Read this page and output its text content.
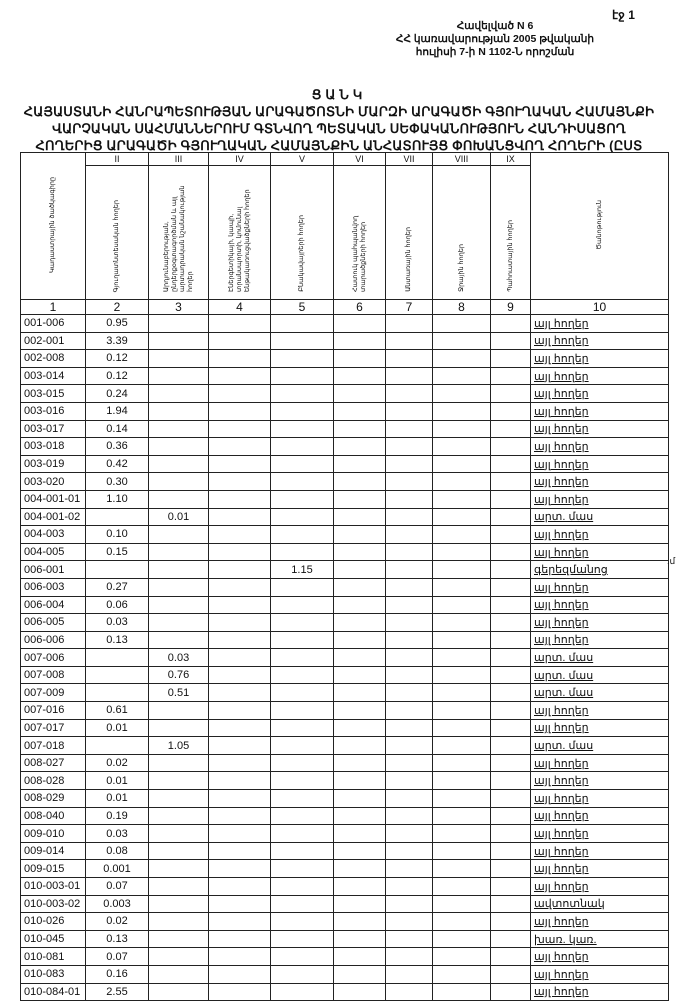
էջ 1
Հավելված N 6
ՀՀ կառավարության 2005 թվականի
հուլիսի 7-ի N 1102-Ն որոշման
ՑԱՆԿ
ՀԱՅԱՍՏԱՆԻ ՀԱՆՐԱՊԵՏՈՒԹՅԱՆ ԱՐԱԳԱԾՈՏՆԻ ՄԱՐԶԻ ԱՐԱԳԱԾԻ ԳՅՈՒՂԱԿԱՆ ՀԱՄԱՅՆՔԻ
ՎԱՐՉԱԿԱՆ ՍԱՀՄԱՆՆԵՐՈՒՄ ԳՏՆՎՈՂ ՊԵՏԱԿԱՆ ՍԵՓԱԿԱՆՈՒԹՅՈՒՆ ՀԱՆԴԻՍԱՑՈՂ
ՀՈՂԵՐԻՑ ԱՐԱԳԱԾԻ ԳՅՈՒՂԱԿԱՆ ՀԱՄԱՅՆՔԻՆ ԱՆՀԱՏՈՒՅՑ ՓՈԽԱՆՑՎՈՂ ՀՈՂԵՐԻ (ԸՍՏ
Կադաստրային ծածկագիրը	II	III	IV	V	VI	VII	VIII	IX	Ծանոթություն
	Գյուղատնտեսական հողեր	Արդյունաբերության, ընդերքօգտագործման և այլ արտադրական նշանակության հողեր	Էներգետիկայի, կապի, տրանսպորտի, կոմունալ ենթակառուցվածքների հողեր	Բնակավայրերի հողեր	Հատուկ պահպանվող տարածքների հողեր	Անտառային հողեր	Ջրային հողեր	Պահուստային հողեր	
1	2	3	4	5	6	7	8	9	10
001-006	0.95								այլ հողեր
002-001	3.39								այլ հողեր
002-008	0.12								այլ հողեր
003-014	0.12								այլ հողեր
003-015	0.24								այլ հողեր
003-016	1.94								այլ հողեր
003-017	0.14								այլ հողեր
003-018	0.36								այլ հողեր
003-019	0.42								այլ հողեր
003-020	0.30								այլ հողեր
004-001-01	1.10								այլ հողեր
004-001-02		0.01							արտ. մաս
004-003	0.10								այլ հողեր
004-005	0.15								այլ հողեր
006-001				1.15					գերեզմանոց
006-003	0.27								այլ հողեր
006-004	0.06								այլ հողեր
006-005	0.03								այլ հողեր
006-006	0.13								այլ հողեր
007-006		0.03							արտ. մաս
007-008		0.76							արտ. մաս
007-009		0.51							արտ. մաս
007-016	0.61								այլ հողեր
007-017	0.01								այլ հողեր
007-018		1.05							արտ. մաս
008-027	0.02								այլ հողեր
008-028	0.01								այլ հողեր
008-029	0.01								այլ հողեր
008-040	0.19								այլ հողեր
009-010	0.03								այլ հողեր
009-014	0.08								այլ հողեր
009-015	0.001								այլ հողեր
010-003-01	0.07								այլ հողեր
010-003-02	0.003								ավտոտնակ
010-026	0.02								այլ հողեր
010-045	0.13								խառ. կառ.
010-081	0.07								այլ հողեր
010-083	0.16								այլ հողեր
010-084-01	2.55								այլ հողեր
.մ
